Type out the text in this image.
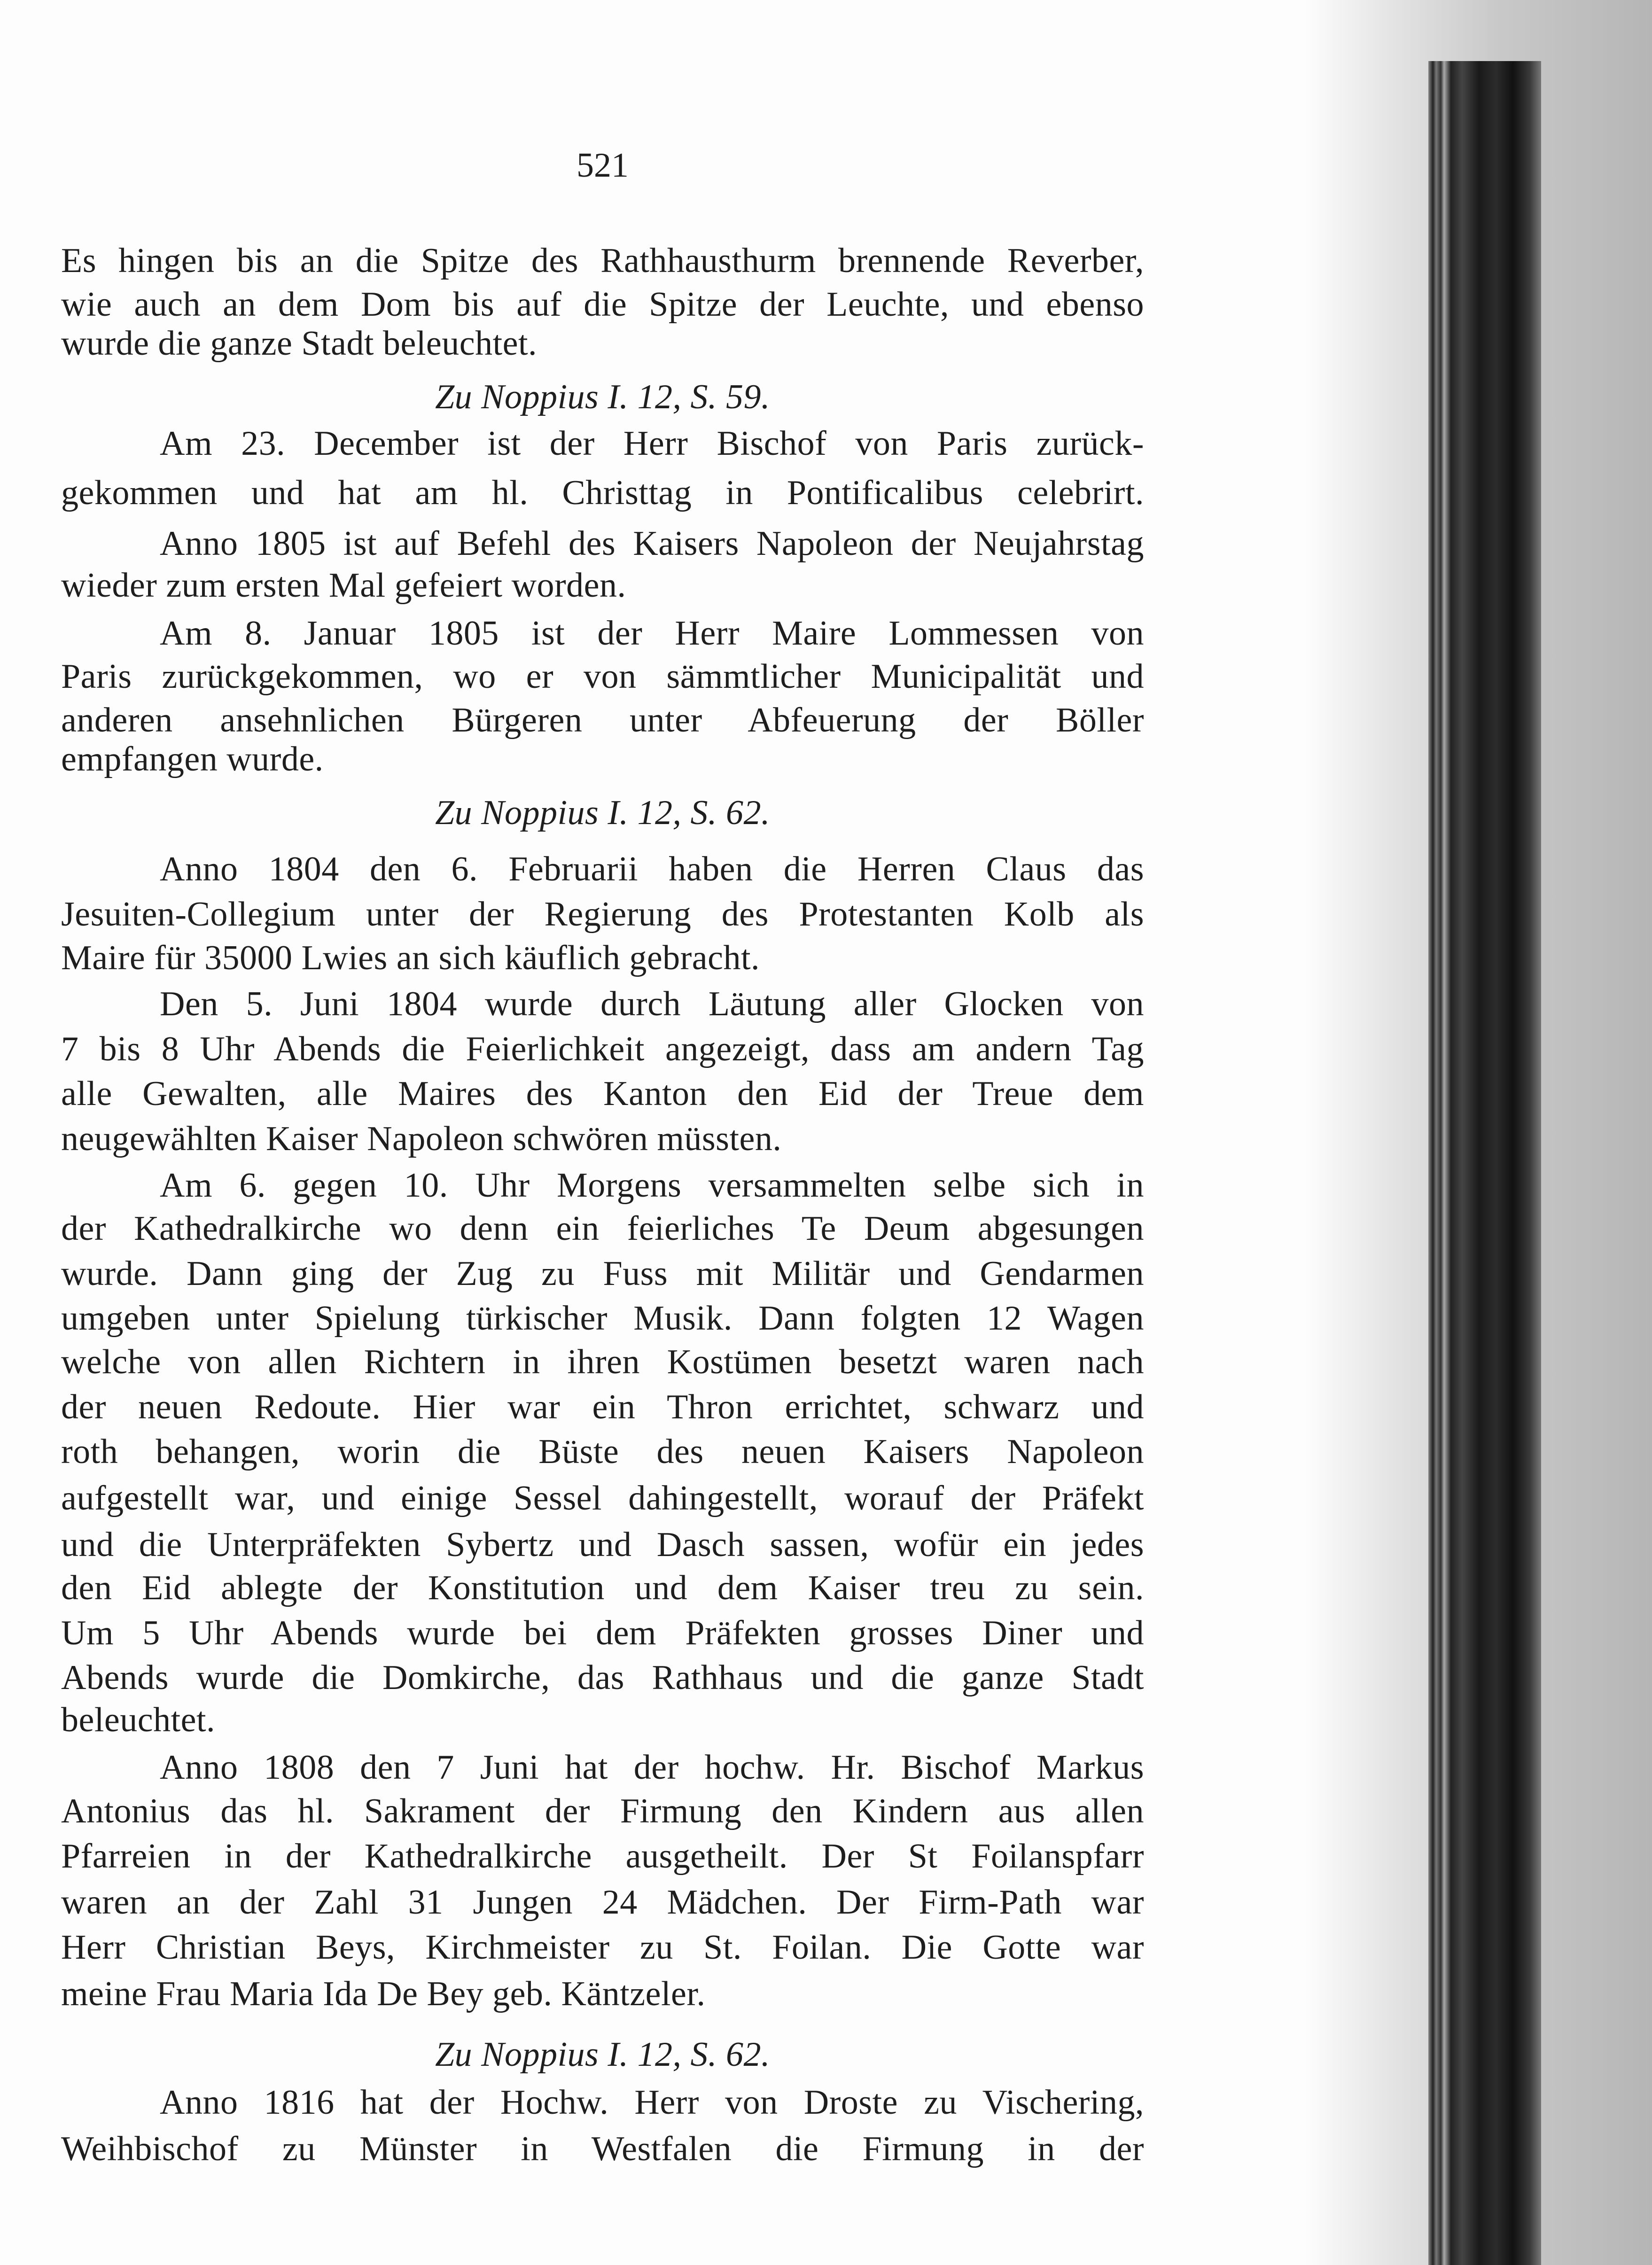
521
Es hingen bis an die Spitze des Rathhausthurm brennende Reverber,
wie auch an dem Dom bis auf die Spitze der Leuchte, und ebenso
wurde die ganze Stadt beleuchtet.
Zu Noppius I. 12, S. 59.
Am 23. December ist der Herr Bischof von Paris zurück-
gekommen und hat am hl. Christtag in Pontificalibus celebrirt.
Anno 1805 ist auf Befehl des Kaisers Napoleon der Neujahrstag
wieder zum ersten Mal gefeiert worden.
Am 8. Januar 1805 ist der Herr Maire Lommessen von
Paris zurückgekommen, wo er von sämmtlicher Municipalität und
anderen ansehnlichen Bürgeren unter Abfeuerung der Böller
empfangen wurde.
Zu Noppius I. 12, S. 62.
Anno 1804 den 6. Februarii haben die Herren Claus das
Jesuiten-Collegium unter der Regierung des Protestanten Kolb als
Maire für 35000 Lwies an sich käuflich gebracht.
Den 5. Juni 1804 wurde durch Läutung aller Glocken von
7 bis 8 Uhr Abends die Feierlichkeit angezeigt, dass am andern Tag
alle Gewalten, alle Maires des Kanton den Eid der Treue dem
neugewählten Kaiser Napoleon schwören müssten.
Am 6. gegen 10. Uhr Morgens versammelten selbe sich in
der Kathedralkirche wo denn ein feierliches Te Deum abgesungen
wurde. Dann ging der Zug zu Fuss mit Militär und Gendarmen
umgeben unter Spielung türkischer Musik. Dann folgten 12 Wagen
welche von allen Richtern in ihren Kostümen besetzt waren nach
der neuen Redoute. Hier war ein Thron errichtet, schwarz und
roth behangen, worin die Büste des neuen Kaisers Napoleon
aufgestellt war, und einige Sessel dahingestellt, worauf der Präfekt
und die Unterpräfekten Sybertz und Dasch sassen, wofür ein jedes
den Eid ablegte der Konstitution und dem Kaiser treu zu sein.
Um 5 Uhr Abends wurde bei dem Präfekten grosses Diner und
Abends wurde die Domkirche, das Rathhaus und die ganze Stadt
beleuchtet.
Anno 1808 den 7 Juni hat der hochw. Hr. Bischof Markus
Antonius das hl. Sakrament der Firmung den Kindern aus allen
Pfarreien in der Kathedralkirche ausgetheilt. Der St Foilanspfarr
waren an der Zahl 31 Jungen 24 Mädchen. Der Firm-Path war
Herr Christian Beys, Kirchmeister zu St. Foilan. Die Gotte war
meine Frau Maria Ida De Bey geb. Käntzeler.
Zu Noppius I. 12, S. 62.
Anno 1816 hat der Hochw. Herr von Droste zu Vischering,
Weihbischof zu Münster in Westfalen die Firmung in der
